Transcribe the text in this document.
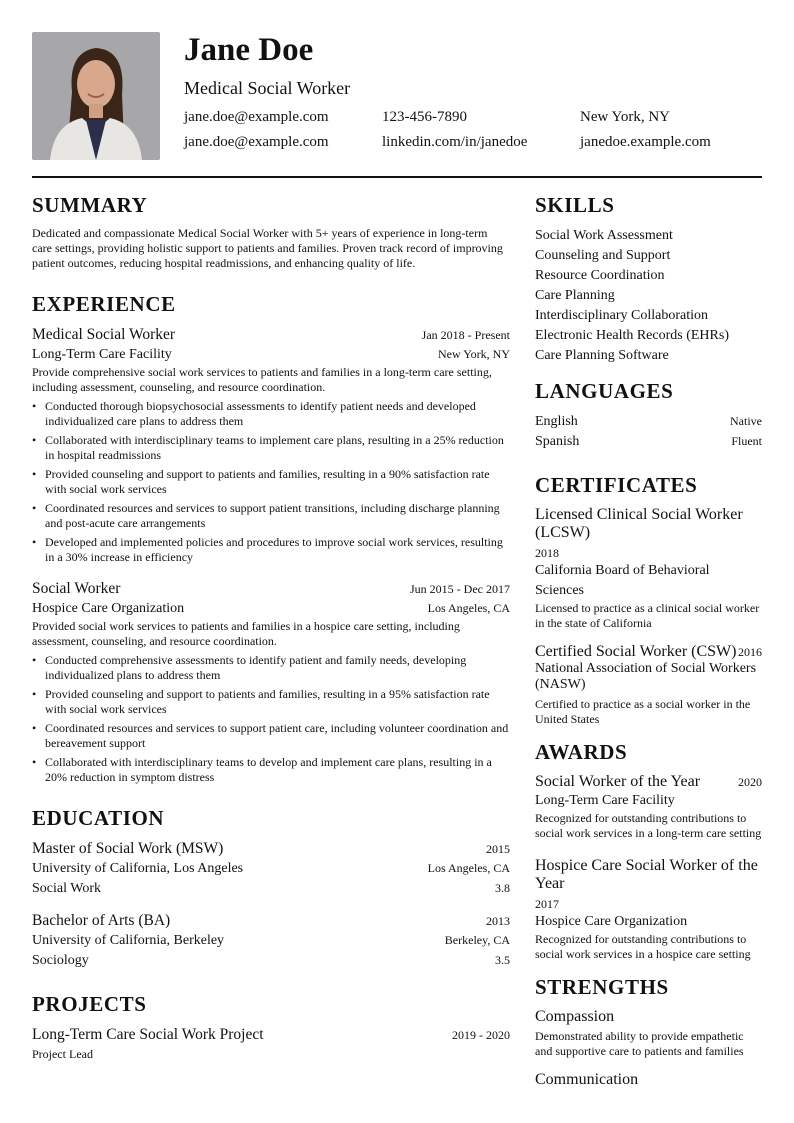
Jane Doe
Medical Social Worker
jane.doe@example.com	123-456-7890	New York, NY
jane.doe@example.com	linkedin.com/in/janedoe	janedoe.example.com
SUMMARY
Dedicated and compassionate Medical Social Worker with 5+ years of experience in long-term care settings, providing holistic support to patients and families. Proven track record of improving patient outcomes, reducing hospital readmissions, and enhancing quality of life.
EXPERIENCE
Medical Social Worker	Jan 2018 - Present
Long-Term Care Facility	New York, NY
Provide comprehensive social work services to patients and families in a long-term care setting, including assessment, counseling, and resource coordination.
• Conducted thorough biopsychosocial assessments to identify patient needs and developed individualized care plans to address them
• Collaborated with interdisciplinary teams to implement care plans, resulting in a 25% reduction in hospital readmissions
• Provided counseling and support to patients and families, resulting in a 90% satisfaction rate with social work services
• Coordinated resources and services to support patient transitions, including discharge planning and post-acute care arrangements
• Developed and implemented policies and procedures to improve social work services, resulting in a 30% increase in efficiency
Social Worker	Jun 2015 - Dec 2017
Hospice Care Organization	Los Angeles, CA
Provided social work services to patients and families in a hospice care setting, including assessment, counseling, and resource coordination.
• Conducted comprehensive assessments to identify patient and family needs, developing individualized plans to address them
• Provided counseling and support to patients and families, resulting in a 95% satisfaction rate with social work services
• Coordinated resources and services to support patient care, including volunteer coordination and bereavement support
• Collaborated with interdisciplinary teams to develop and implement care plans, resulting in a 20% reduction in symptom distress
EDUCATION
Master of Social Work (MSW)	2015
University of California, Los Angeles	Los Angeles, CA
Social Work	3.8
Bachelor of Arts (BA)	2013
University of California, Berkeley	Berkeley, CA
Sociology	3.5
PROJECTS
Long-Term Care Social Work Project	2019 - 2020
Project Lead
SKILLS
Social Work Assessment
Counseling and Support
Resource Coordination
Care Planning
Interdisciplinary Collaboration
Electronic Health Records (EHRs)
Care Planning Software
LANGUAGES
English	Native
Spanish	Fluent
CERTIFICATES
Licensed Clinical Social Worker (LCSW)
2018
California Board of Behavioral Sciences
Licensed to practice as a clinical social worker in the state of California
Certified Social Worker (CSW) 2016
National Association of Social Workers (NASW)
Certified to practice as a social worker in the United States
AWARDS
Social Worker of the Year	2020
Long-Term Care Facility
Recognized for outstanding contributions to social work services in a long-term care setting
Hospice Care Social Worker of the Year
2017
Hospice Care Organization
Recognized for outstanding contributions to social work services in a hospice care setting
STRENGTHS
Compassion
Demonstrated ability to provide empathetic and supportive care to patients and families
Communication
